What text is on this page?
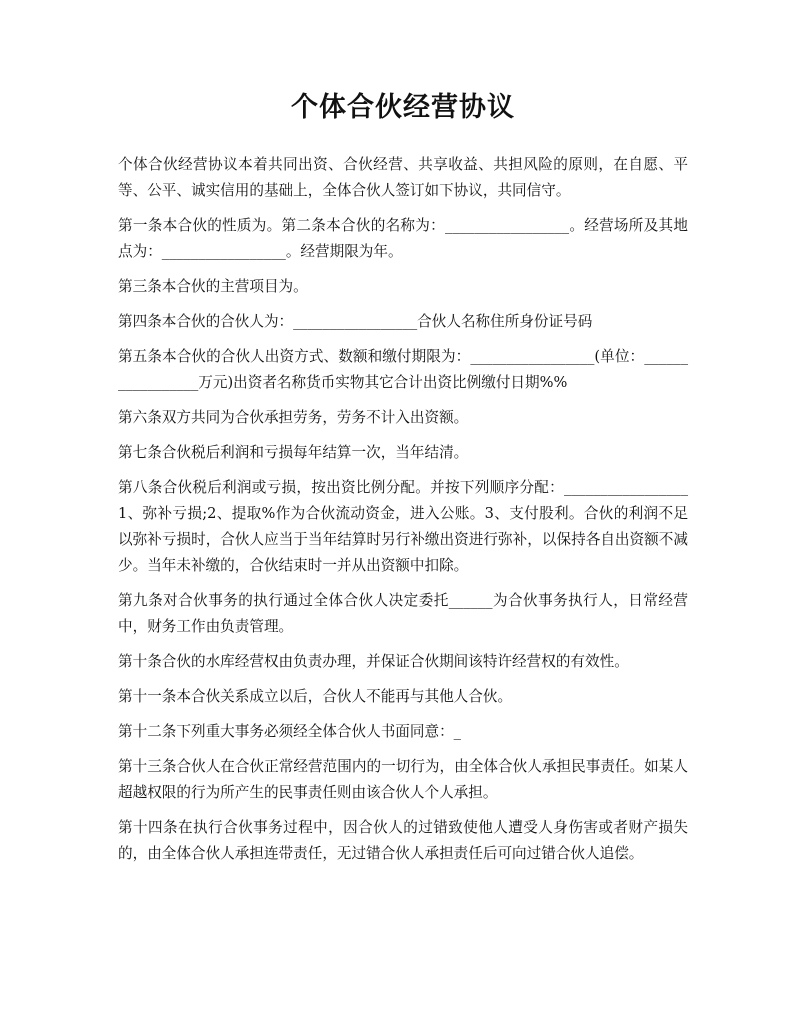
个体合伙经营协议

个体合伙经营协议本着共同出资、合伙经营、共享收益、共担风险的原则，在自愿、平等、公平、诚实信用的基础上，全体合伙人签订如下协议，共同信守。

第一条本合伙的性质为。第二条本合伙的名称为：_________________。经营场所及其地点为：_________________。经营期限为年。

第三条本合伙的主营项目为。

第四条本合伙的合伙人为：_________________合伙人名称住所身份证号码

第五条本合伙的合伙人出资方式、数额和缴付期限为：_________________(单位：_________________万元)出资者名称货币实物其它合计出资比例缴付日期%%

第六条双方共同为合伙承担劳务，劳务不计入出资额。

第七条合伙税后利润和亏损每年结算一次，当年结清。

第八条合伙税后利润或亏损，按出资比例分配。并按下列顺序分配：_________________1、弥补亏损;2、提取%作为合伙流动资金，进入公账。3、支付股利。合伙的利润不足以弥补亏损时，合伙人应当于当年结算时另行补缴出资进行弥补，以保持各自出资额不减少。当年未补缴的，合伙结束时一并从出资额中扣除。

第九条对合伙事务的执行通过全体合伙人决定委托______为合伙事务执行人，日常经营中，财务工作由负责管理。

第十条合伙的水库经营权由负责办理，并保证合伙期间该特许经营权的有效性。

第十一条本合伙关系成立以后，合伙人不能再与其他人合伙。

第十二条下列重大事务必须经全体合伙人书面同意：_

第十三条合伙人在合伙正常经营范围内的一切行为，由全体合伙人承担民事责任。如某人超越权限的行为所产生的民事责任则由该合伙人个人承担。

第十四条在执行合伙事务过程中，因合伙人的过错致使他人遭受人身伤害或者财产损失的，由全体合伙人承担连带责任，无过错合伙人承担责任后可向过错合伙人追偿。
